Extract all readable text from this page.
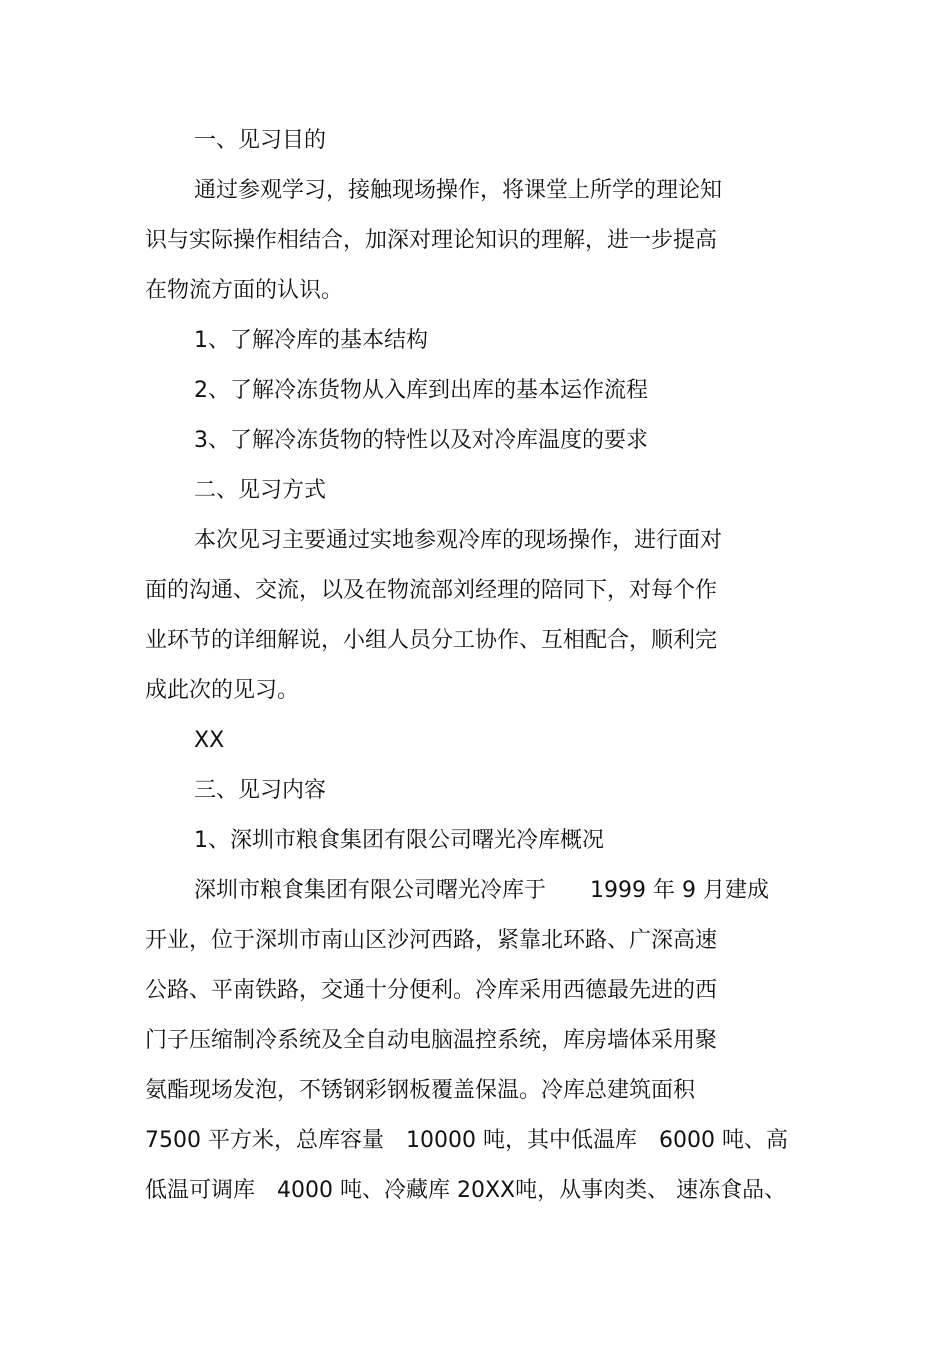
一、见习目的
通过参观学习，接触现场操作，将课堂上所学的理论知
识与实际操作相结合，加深对理论知识的理解，进一步提高
在物流方面的认识。
1、了解冷库的基本结构
2、了解冷冻货物从入库到出库的基本运作流程
3、了解冷冻货物的特性以及对冷库温度的要求
二、见习方式
本次见习主要通过实地参观冷库的现场操作，进行面对
面的沟通、交流，以及在物流部刘经理的陪同下，对每个作
业环节的详细解说，小组人员分工协作、互相配合，顺利完
成此次的见习。
XX
三、见习内容
1、深圳市粮食集团有限公司曙光冷库概况
深圳市粮食集团有限公司曙光冷库于　　1999 年 9 月建成
开业，位于深圳市南山区沙河西路，紧靠北环路、广深高速
公路、平南铁路，交通十分便利。冷库采用西德最先进的西
门子压缩制冷系统及全自动电脑温控系统，库房墙体采用聚
氨酯现场发泡，不锈钢彩钢板覆盖保温。冷库总建筑面积
7500 平方米，总库容量　10000 吨，其中低温库　6000 吨、高
低温可调库　4000 吨、冷藏库 20XX吨，从事肉类、 速冻食品、
